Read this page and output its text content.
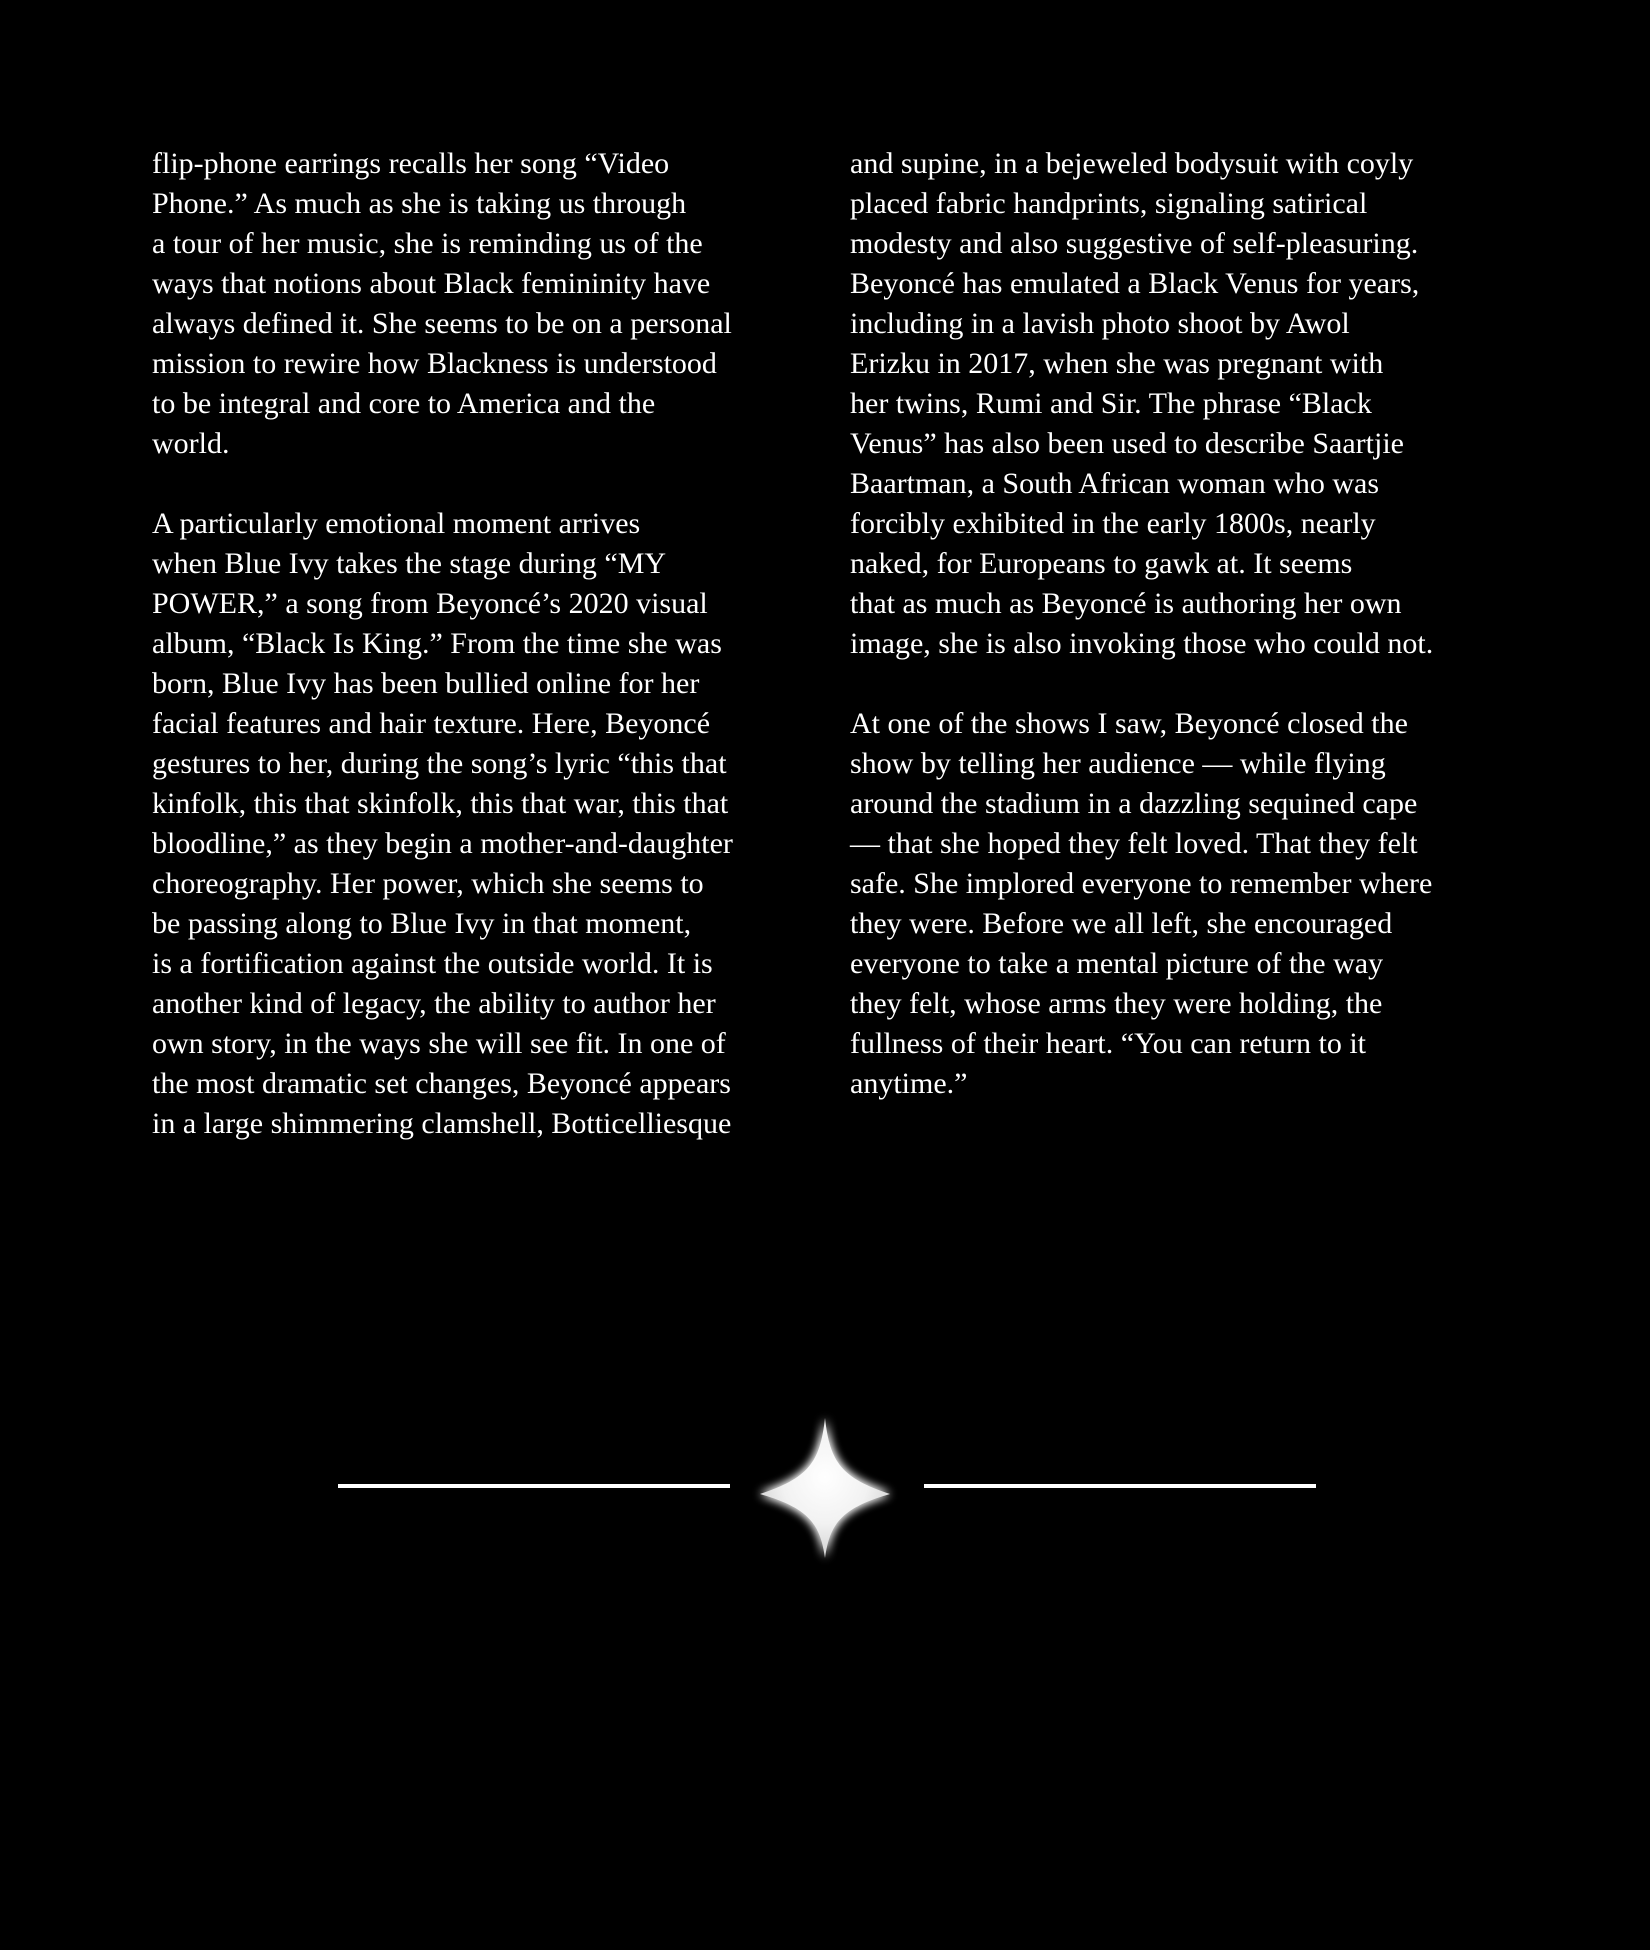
flip-phone earrings recalls her song “Video
Phone.” As much as she is taking us through
a tour of her music, she is reminding us of the
ways that notions about Black femininity have
always defined it. She seems to be on a personal
mission to rewire how Blackness is understood
to be integral and core to America and the
world.

A particularly emotional moment arrives
when Blue Ivy takes the stage during “MY
POWER,” a song from Beyoncé’s 2020 visual
album, “Black Is King.” From the time she was
born, Blue Ivy has been bullied online for her
facial features and hair texture. Here, Beyoncé
gestures to her, during the song’s lyric “this that
kinfolk, this that skinfolk, this that war, this that
bloodline,” as they begin a mother-and-daughter
choreography. Her power, which she seems to
be passing along to Blue Ivy in that moment,
is a fortification against the outside world. It is
another kind of legacy, the ability to author her
own story, in the ways she will see fit. In one of
the most dramatic set changes, Beyoncé appears
in a large shimmering clamshell, Botticelliesque

and supine, in a bejeweled bodysuit with coyly
placed fabric handprints, signaling satirical
modesty and also suggestive of self-pleasuring.
Beyoncé has emulated a Black Venus for years,
including in a lavish photo shoot by Awol
Erizku in 2017, when she was pregnant with
her twins, Rumi and Sir. The phrase “Black
Venus” has also been used to describe Saartjie
Baartman, a South African woman who was
forcibly exhibited in the early 1800s, nearly
naked, for Europeans to gawk at. It seems
that as much as Beyoncé is authoring her own
image, she is also invoking those who could not.

At one of the shows I saw, Beyoncé closed the
show by telling her audience — while flying
around the stadium in a dazzling sequined cape
— that she hoped they felt loved. That they felt
safe. She implored everyone to remember where
they were. Before we all left, she encouraged
everyone to take a mental picture of the way
they felt, whose arms they were holding, the
fullness of their heart. “You can return to it
anytime.”
